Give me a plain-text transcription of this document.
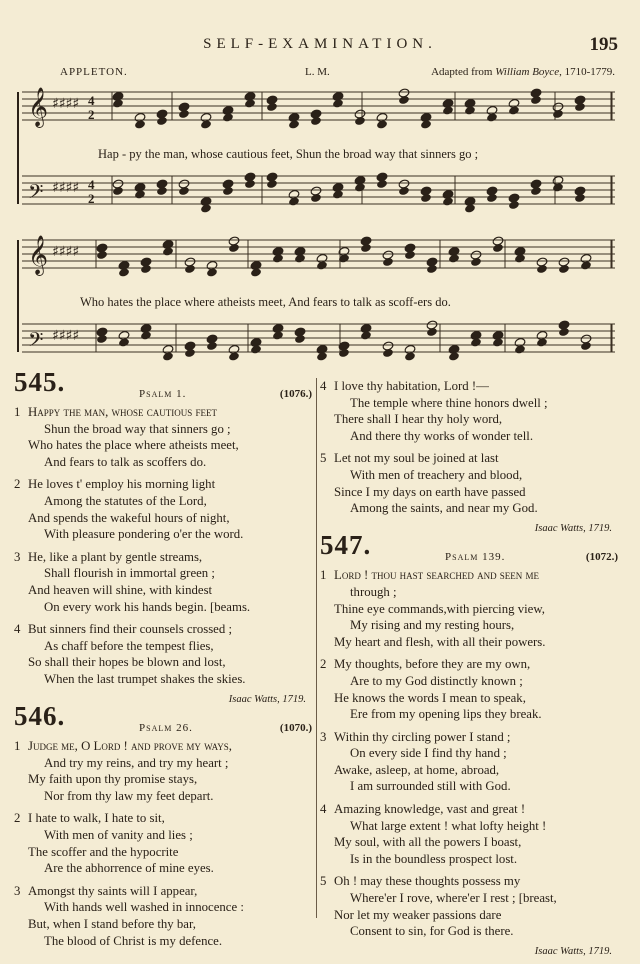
SELF-EXAMINATION.	195
APPLETON.	L. M.	Adapted from William Boyce, 1710-1779.
𝄞 ♯♯♯♯ 4
2
𝄢 ♯♯♯♯ 4
2
𝄞 ♯♯♯♯
𝄢 ♯♯♯♯
Hap - py the man, whose cautious feet, Shun the broad way that sinners go ;
Who hates the place where atheists meet, And fears to talk as scoff-ers do.
545.	Psalm 1.	(1076.)
1 Happy the man, whose cautious feet
Shun the broad way that sinners go ;
Who hates the place where atheists meet,
And fears to talk as scoffers do.
2 He loves t' employ his morning light
Among the statutes of the Lord,
And spends the wakeful hours of night,
With pleasure pondering o'er the word.
3 He, like a plant by gentle streams,
Shall flourish in immortal green ;
And heaven will shine, with kindest
On every work his hands begin. [beams.
4 But sinners find their counsels crossed ;
As chaff before the tempest flies,
So shall their hopes be blown and lost,
When the last trumpet shakes the skies.
Isaac Watts, 1719.
546.	Psalm 26.	(1070.)
1 Judge me, O Lord ! and prove my ways,
And try my reins, and try my heart ;
My faith upon thy promise stays,
Nor from thy law my feet depart.
2 I hate to walk, I hate to sit,
With men of vanity and lies ;
The scoffer and the hypocrite
Are the abhorrence of mine eyes.
3 Amongst thy saints will I appear,
With hands well washed in innocence :
But, when I stand before thy bar,
The blood of Christ is my defence.
4 I love thy habitation, Lord !—
The temple where thine honors dwell ;
There shall I hear thy holy word,
And there thy works of wonder tell.
5 Let not my soul be joined at last
With men of treachery and blood,
Since I my days on earth have passed
Among the saints, and near my God.
Isaac Watts, 1719.
547.	Psalm 139.	(1072.)
1 Lord ! thou hast searched and seen me
through ;
Thine eye commands,with piercing view,
My rising and my resting hours,
My heart and flesh, with all their powers.
2 My thoughts, before they are my own,
Are to my God distinctly known ;
He knows the words I mean to speak,
Ere from my opening lips they break.
3 Within thy circling power I stand ;
On every side I find thy hand ;
Awake, asleep, at home, abroad,
I am surrounded still with God.
4 Amazing knowledge, vast and great !
What large extent ! what lofty height !
My soul, with all the powers I boast,
Is in the boundless prospect lost.
5 Oh ! may these thoughts possess my
Where'er I rove, where'er I rest ; [breast,
Nor let my weaker passions dare
Consent to sin, for God is there.
Isaac Watts, 1719.
